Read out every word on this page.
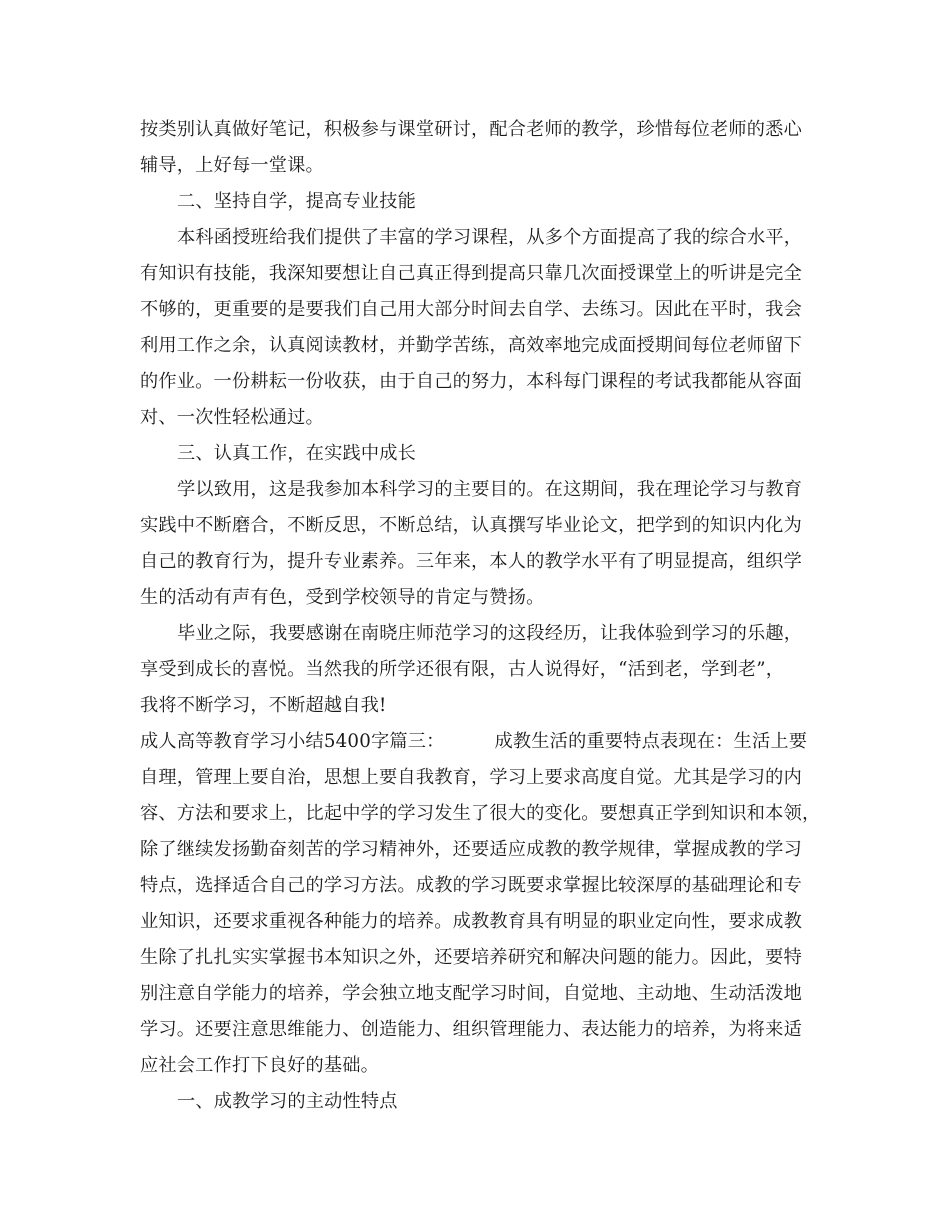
按类别认真做好笔记，积极参与课堂研讨，配合老师的教学，珍惜每位老师的悉心
辅导，上好每一堂课。
二、坚持自学，提高专业技能
本科函授班给我们提供了丰富的学习课程，从多个方面提高了我的综合水平，
有知识有技能，我深知要想让自己真正得到提高只靠几次面授课堂上的听讲是完全
不够的，更重要的是要我们自己用大部分时间去自学、去练习。因此在平时，我会
利用工作之余，认真阅读教材，并勤学苦练，高效率地完成面授期间每位老师留下
的作业。一份耕耘一份收获，由于自己的努力，本科每门课程的考试我都能从容面
对、一次性轻松通过。
三、认真工作，在实践中成长
学以致用，这是我参加本科学习的主要目的。在这期间，我在理论学习与教育
实践中不断磨合，不断反思，不断总结，认真撰写毕业论文，把学到的知识内化为
自己的教育行为，提升专业素养。三年来，本人的教学水平有了明显提高，组织学
生的活动有声有色，受到学校领导的肯定与赞扬。
毕业之际，我要感谢在南晓庄师范学习的这段经历，让我体验到学习的乐趣，
享受到成长的喜悦。当然我的所学还很有限，古人说得好，“活到老，学到老”，
我将不断学习，不断超越自我!
成人高等教育学习小结5400字篇三：	成教生活的重要特点表现在：生活上要
自理，管理上要自治，思想上要自我教育，学习上要求高度自觉。尤其是学习的内
容、方法和要求上，比起中学的学习发生了很大的变化。要想真正学到知识和本领，
除了继续发扬勤奋刻苦的学习精神外，还要适应成教的教学规律，掌握成教的学习
特点，选择适合自己的学习方法。成教的学习既要求掌握比较深厚的基础理论和专
业知识，还要求重视各种能力的培养。成教教育具有明显的职业定向性，要求成教
生除了扎扎实实掌握书本知识之外，还要培养研究和解决问题的能力。因此，要特
别注意自学能力的培养，学会独立地支配学习时间，自觉地、主动地、生动活泼地
学习。还要注意思维能力、创造能力、组织管理能力、表达能力的培养，为将来适
应社会工作打下良好的基础。
一、成教学习的主动性特点
